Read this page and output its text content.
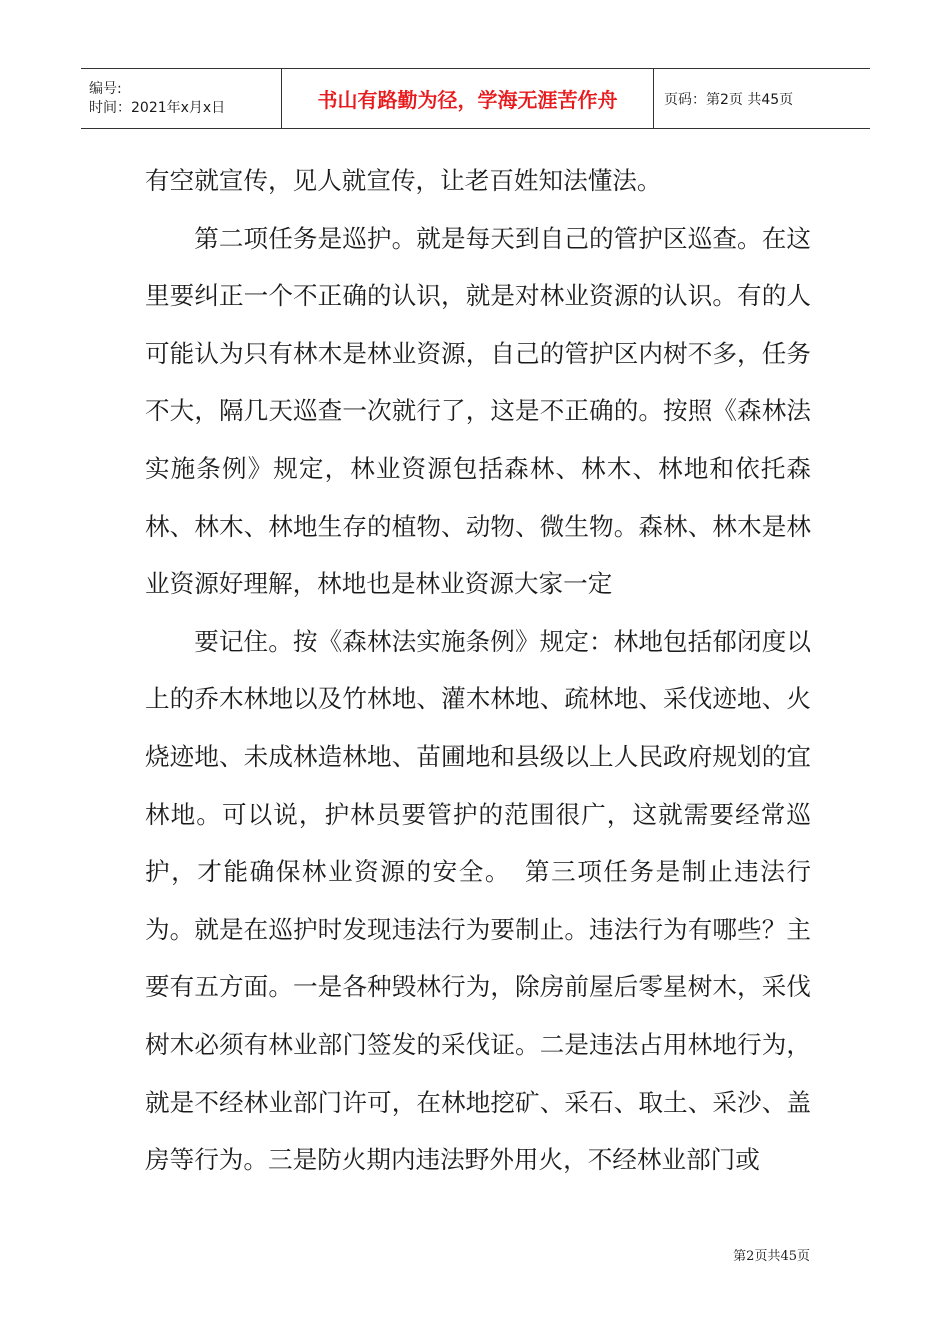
编号:
时间：2021年x月x日	书山有路勤为径，学海无涯苦作舟	页码：第2页 共45页

有空就宣传，见人就宣传，让老百姓知法懂法。

第二项任务是巡护。就是每天到自己的管护区巡查。在这里要纠正一个不正确的认识，就是对林业资源的认识。有的人可能认为只有林木是林业资源，自己的管护区内树不多，任务不大，隔几天巡查一次就行了，这是不正确的。按照《森林法实施条例》规定，林业资源包括森林、林木、林地和依托森林、林木、林地生存的植物、动物、微生物。森林、林木是林业资源好理解，林地也是林业资源大家一定

要记住。按《森林法实施条例》规定：林地包括郁闭度以上的乔木林地以及竹林地、灌木林地、疏林地、采伐迹地、火烧迹地、未成林造林地、苗圃地和县级以上人民政府规划的宜林地。可以说，护林员要管护的范围很广，这就需要经常巡护，才能确保林业资源的安全。　第三项任务是制止违法行为。就是在巡护时发现违法行为要制止。违法行为有哪些？主要有五方面。一是各种毁林行为，除房前屋后零星树木，采伐树木必须有林业部门签发的采伐证。二是违法占用林地行为，就是不经林业部门许可，在林地挖矿、采石、取土、采沙、盖房等行为。三是防火期内违法野外用火，不经林业部门或

第2页共45页
